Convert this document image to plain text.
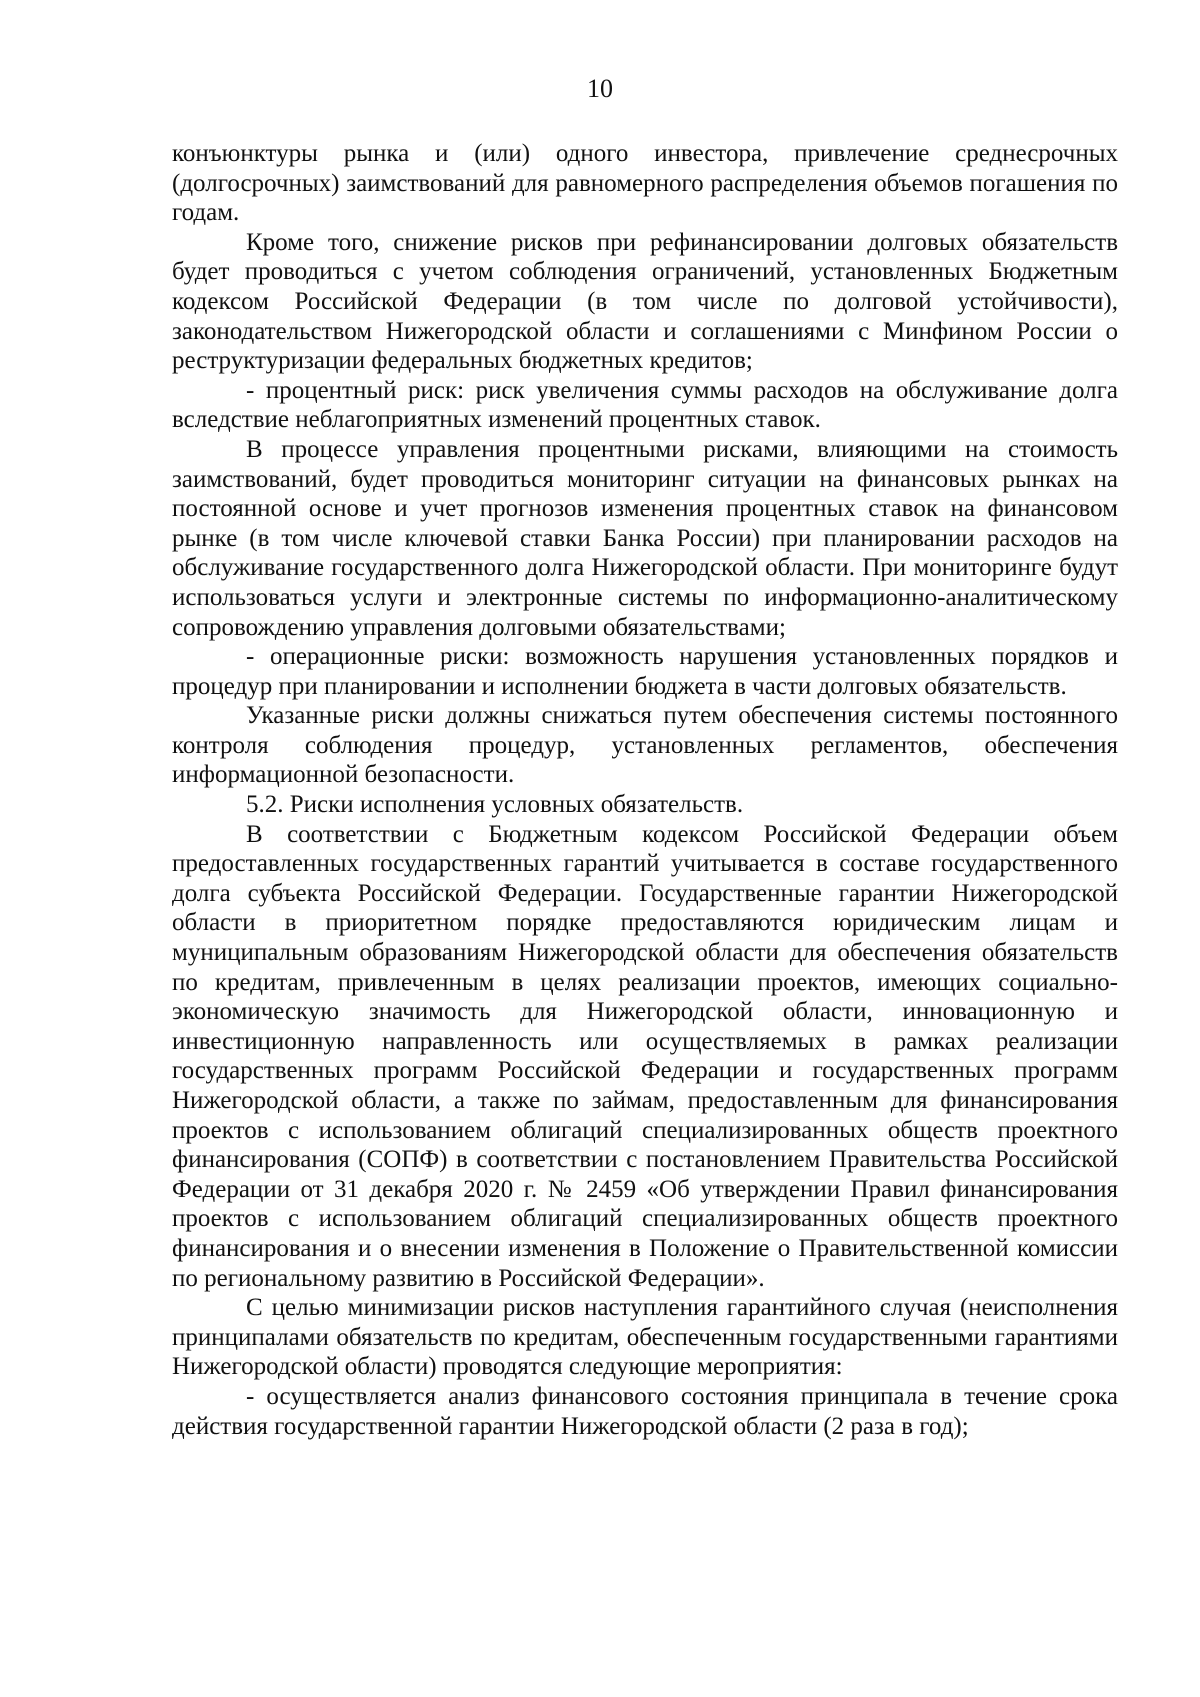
10

конъюнктуры рынка и (или) одного инвестора, привлечение среднесрочных (долгосрочных) заимствований для равномерного распределения объемов погашения по годам.

Кроме того, снижение рисков при рефинансировании долговых обязательств будет проводиться с учетом соблюдения ограничений, установленных Бюджетным кодексом Российской Федерации (в том числе по долговой устойчивости), законодательством Нижегородской области и соглашениями с Минфином России о реструктуризации федеральных бюджетных кредитов;

- процентный риск: риск увеличения суммы расходов на обслуживание долга вследствие неблагоприятных изменений процентных ставок.

В процессе управления процентными рисками, влияющими на стоимость заимствований, будет проводиться мониторинг ситуации на финансовых рынках на постоянной основе и учет прогнозов изменения процентных ставок на финансовом рынке (в том числе ключевой ставки Банка России) при планировании расходов на обслуживание государственного долга Нижегородской области. При мониторинге будут использоваться услуги и электронные системы по информационно-аналитическому сопровождению управления долговыми обязательствами;

- операционные риски: возможность нарушения установленных порядков и процедур при планировании и исполнении бюджета в части долговых обязательств.

Указанные риски должны снижаться путем обеспечения системы постоянного контроля соблюдения процедур, установленных регламентов, обеспечения информационной безопасности.

5.2. Риски исполнения условных обязательств.

В соответствии с Бюджетным кодексом Российской Федерации объем предоставленных государственных гарантий учитывается в составе государственного долга субъекта Российской Федерации. Государственные гарантии Нижегородской области в приоритетном порядке предоставляются юридическим лицам и муниципальным образованиям Нижегородской области для обеспечения обязательств по кредитам, привлеченным в целях реализации проектов, имеющих социально-экономическую значимость для Нижегородской области, инновационную и инвестиционную направленность или осуществляемых в рамках реализации государственных программ Российской Федерации и государственных программ Нижегородской области, а также по займам, предоставленным для финансирования проектов с использованием облигаций специализированных обществ проектного финансирования (СОПФ) в соответствии с постановлением Правительства Российской Федерации от 31 декабря 2020 г. № 2459 «Об утверждении Правил финансирования проектов с использованием облигаций специализированных обществ проектного финансирования и о внесении изменения в Положение о Правительственной комиссии по региональному развитию в Российской Федерации».

С целью минимизации рисков наступления гарантийного случая (неисполнения принципалами обязательств по кредитам, обеспеченным государственными гарантиями Нижегородской области) проводятся следующие мероприятия:

- осуществляется анализ финансового состояния принципала в течение срока действия государственной гарантии Нижегородской области (2 раза в год);
